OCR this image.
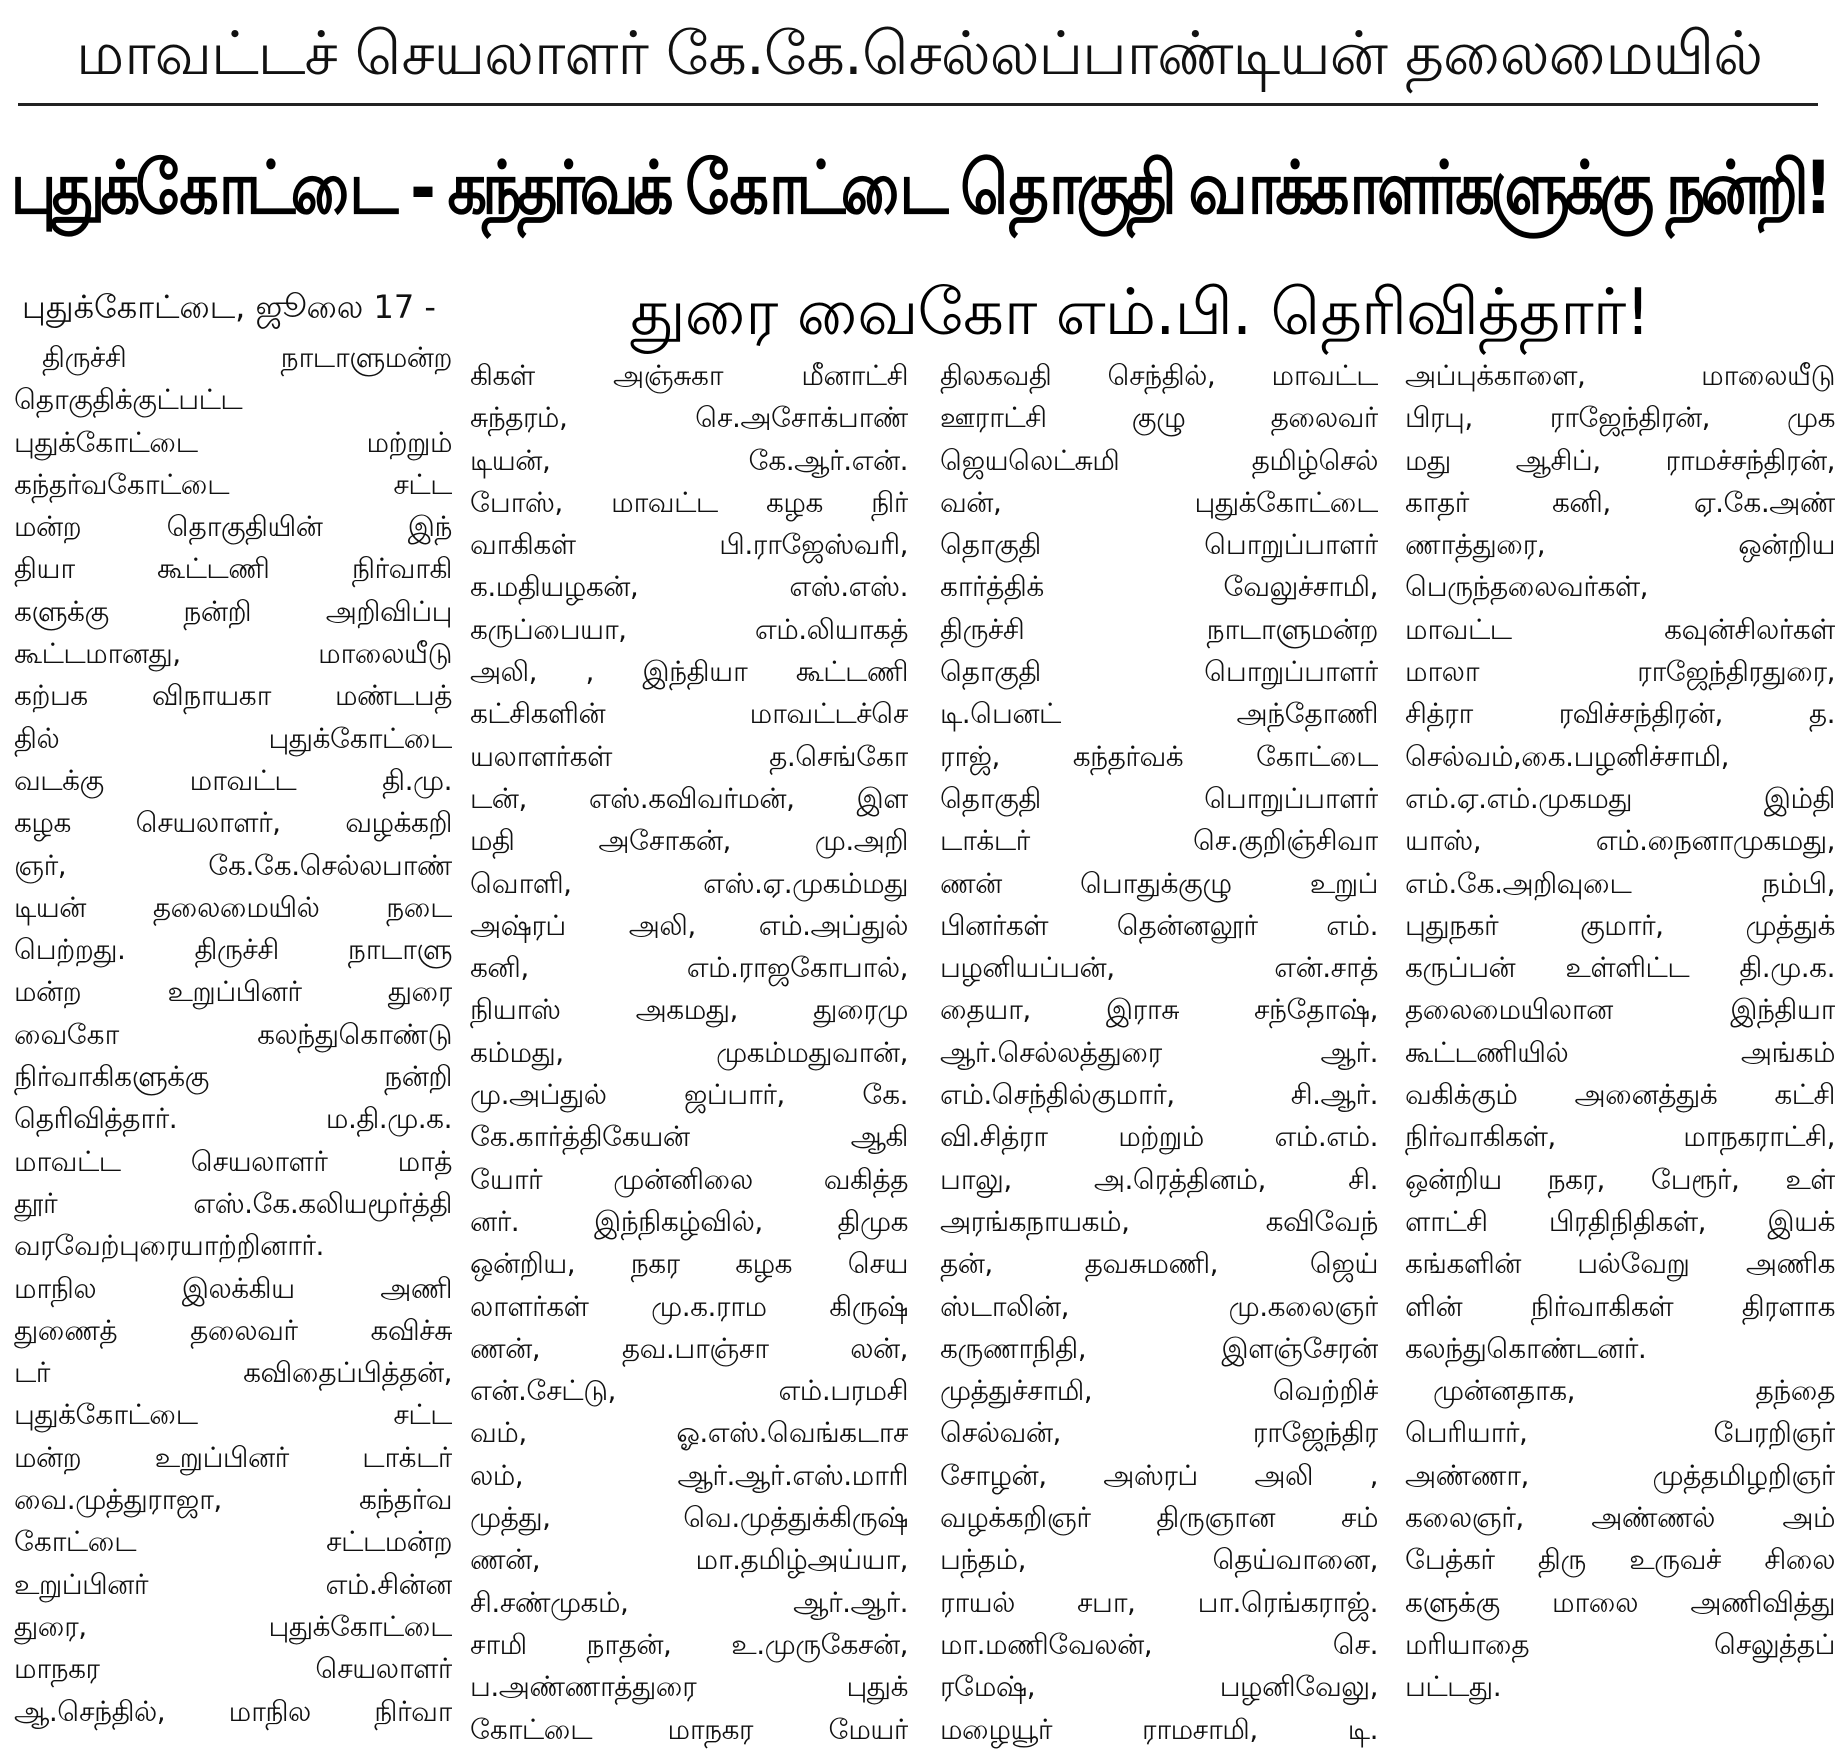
மாவட்டச் செயலாளர் கே.கே.செல்லப்பாண்டியன் தலைமையில்
புதுக்கோட்டை - கந்தர்வக் கோட்டை தொகுதி வாக்காளர்களுக்கு நன்றி!
புதுக்கோட்டை, ஜூலை 17 -	துரை வைகோ எம்.பி. தெரிவித்தார்!
திருச்சி நாடாளுமன்ற
தொகுதிக்குட்பட்ட
புதுக்கோட்டை மற்றும்
கந்தர்வகோட்டை சட்ட
மன்ற தொகுதியின் இந்
தியா கூட்டணி நிர்வாகி
களுக்கு நன்றி அறிவிப்பு
கூட்டமானது, மாலையீடு
கற்பக விநாயகா மண்டபத்
தில் புதுக்கோட்டை
வடக்கு மாவட்ட தி.மு.
கழக செயலாளர், வழக்கறி
ஞர், கே.கே.செல்லபாண்
டியன் தலைமையில் நடை
பெற்றது. திருச்சி நாடாளு
மன்ற உறுப்பினர் துரை
வைகோ கலந்துகொண்டு
நிர்வாகிகளுக்கு நன்றி
தெரிவித்தார். ம.தி.மு.க.
மாவட்ட செயலாளர் மாத்
தூர் எஸ்.கே.கலியமூர்த்தி
வரவேற்புரையாற்றினார்.
மாநில இலக்கிய அணி
துணைத் தலைவர் கவிச்சு
டர் கவிதைப்பித்தன்,
புதுக்கோட்டை சட்ட
மன்ற உறுப்பினர் டாக்டர்
வை.முத்துராஜா, கந்தர்வ
கோட்டை சட்டமன்ற
உறுப்பினர் எம்.சின்ன
துரை, புதுக்கோட்டை
மாநகர செயலாளர்
ஆ.செந்தில், மாநில நிர்வா
கிகள் அஞ்சுகா மீனாட்சி
சுந்தரம், செ.அசோக்பாண்
டியன், கே.ஆர்.என்.
போஸ், மாவட்ட கழக நிர்
வாகிகள் பி.ராஜேஸ்வரி,
க.மதியழகன், எஸ்.எஸ்.
கருப்பையா, எம்.லியாகத்
அலி, , இந்தியா கூட்டணி
கட்சிகளின் மாவட்டச்செ
யலாளர்கள் த.செங்கோ
டன், எஸ்.கவிவர்மன், இள
மதி அசோகன், மு.அறி
வொளி, எஸ்.ஏ.முகம்மது
அஷ்ரப் அலி, எம்.அப்துல்
கனி, எம்.ராஜகோபால்,
நியாஸ் அகமது, துரைமு
கம்மது, முகம்மதுவான்,
மு.அப்துல் ஜப்பார், கே.
கே.கார்த்திகேயன் ஆகி
யோர் முன்னிலை வகித்த
னர். இந்நிகழ்வில், திமுக
ஒன்றிய, நகர கழக செய
லாளர்கள் மு.க.ராம கிருஷ்
ணன், தவ.பாஞ்சா லன்,
என்.சேட்டு, எம்.பரமசி
வம், ஓ.எஸ்.வெங்கடாச
லம், ஆர்.ஆர்.எஸ்.மாரி
முத்து, வெ.முத்துக்கிருஷ்
ணன், மா.தமிழ்அய்யா,
சி.சண்முகம், ஆர்.ஆர்.
சாமி நாதன், உ.முருகேசன்,
ப.அண்ணாத்துரை புதுக்
கோட்டை மாநகர மேயர்
திலகவதி செந்தில், மாவட்ட
ஊராட்சி குழு தலைவர்
ஜெயலெட்சுமி தமிழ்செல்
வன், புதுக்கோட்டை
தொகுதி பொறுப்பாளர்
கார்த்திக் வேலுச்சாமி,
திருச்சி நாடாளுமன்ற
தொகுதி பொறுப்பாளர்
டி.பெனட் அந்தோணி
ராஜ், கந்தர்வக் கோட்டை
தொகுதி பொறுப்பாளர்
டாக்டர் செ.குறிஞ்சிவா
ணன் பொதுக்குழு உறுப்
பினர்கள் தென்னலூர் எம்.
பழனியப்பன், என்.சாத்
தையா, இராசு சந்தோஷ்,
ஆர்.செல்லத்துரை ஆர்.
எம்.செந்தில்குமார், சி.ஆர்.
வி.சித்ரா மற்றும் எம்.எம்.
பாலு, அ.ரெத்தினம், சி.
அரங்கநாயகம், கவிவேந்
தன், தவசுமணி, ஜெய்
ஸ்டாலின், மு.கலைஞர்
கருணாநிதி, இளஞ்சேரன்
முத்துச்சாமி, வெற்றிச்
செல்வன், ராஜேந்திர
சோழன், அஸ்ரப் அலி ,
வழக்கறிஞர் திருஞான சம்
பந்தம், தெய்வானை,
ராயல் சபா, பா.ரெங்கராஜ்.
மா.மணிவேலன், செ.
ரமேஷ், பழனிவேலு,
மழையூர் ராமசாமி, டி.
அப்புக்காளை, மாலையீடு
பிரபு, ராஜேந்திரன், முக
மது ஆசிப், ராமச்சந்திரன்,
காதர் கனி, ஏ.கே.அண்
ணாத்துரை, ஒன்றிய
பெருந்தலைவர்கள்,
மாவட்ட கவுன்சிலர்கள்
மாலா ராஜேந்திரதுரை,
சித்ரா ரவிச்சந்திரன், த.
செல்வம்,கை.பழனிச்சாமி,
எம்.ஏ.எம்.முகமது இம்தி
யாஸ், எம்.நைனாமுகமது,
எம்.கே.அறிவுடை நம்பி,
புதுநகர் குமார், முத்துக்
கருப்பன் உள்ளிட்ட தி.மு.க.
தலைமையிலான இந்தியா
கூட்டணியில் அங்கம்
வகிக்கும் அனைத்துக் கட்சி
நிர்வாகிகள், மாநகராட்சி,
ஒன்றிய நகர, பேரூர், உள்
ளாட்சி பிரதிநிதிகள், இயக்
கங்களின் பல்வேறு அணிக
ளின் நிர்வாகிகள் திரளாக
கலந்துகொண்டனர்.
முன்னதாக, தந்தை
பெரியார், பேரறிஞர்
அண்ணா, முத்தமிழறிஞர்
கலைஞர், அண்ணல் அம்
பேத்கர் திரு உருவச் சிலை
களுக்கு மாலை அணிவித்து
மரியாதை செலுத்தப்
பட்டது.
